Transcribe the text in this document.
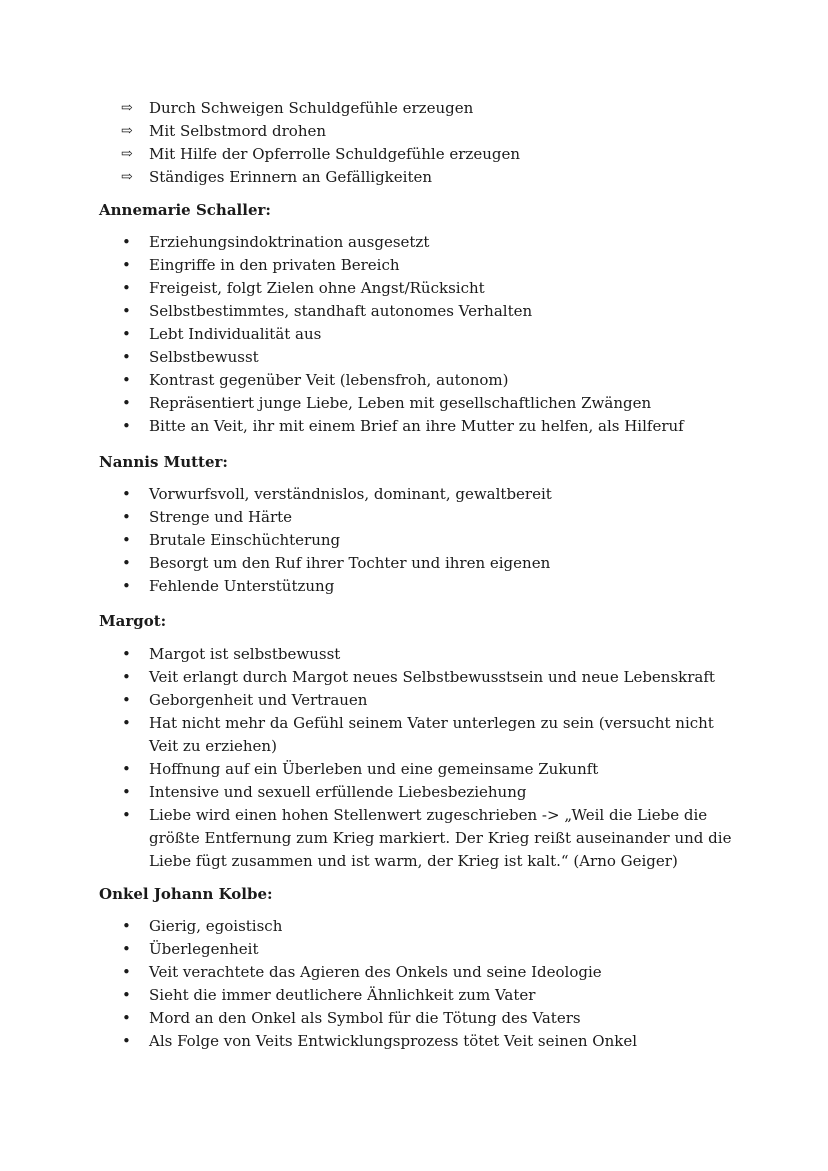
⇨ Durch Schweigen Schuldgefühle erzeugen
⇨ Mit Selbstmord drohen
⇨ Mit Hilfe der Opferrolle Schuldgefühle erzeugen
⇨ Ständiges Erinnern an Gefälligkeiten
Annemarie Schaller:
• Erziehungsindoktrination ausgesetzt
• Eingriffe in den privaten Bereich
• Freigeist, folgt Zielen ohne Angst/Rücksicht
• Selbstbestimmtes, standhaft autonomes Verhalten
• Lebt Individualität aus
• Selbstbewusst
• Kontrast gegenüber Veit (lebensfroh, autonom)
• Repräsentiert junge Liebe, Leben mit gesellschaftlichen Zwängen
• Bitte an Veit, ihr mit einem Brief an ihre Mutter zu helfen, als Hilferuf
Nannis Mutter:
• Vorwurfsvoll, verständnislos, dominant, gewaltbereit
• Strenge und Härte
• Brutale Einschüchterung
• Besorgt um den Ruf ihrer Tochter und ihren eigenen
• Fehlende Unterstützung
Margot:
• Margot ist selbstbewusst
• Veit erlangt durch Margot neues Selbstbewusstsein und neue Lebenskraft
• Geborgenheit und Vertrauen
• Hat nicht mehr da Gefühl seinem Vater unterlegen zu sein (versucht nicht Veit zu erziehen)
• Hoffnung auf ein Überleben und eine gemeinsame Zukunft
• Intensive und sexuell erfüllende Liebesbeziehung
• Liebe wird einen hohen Stellenwert zugeschrieben -> „Weil die Liebe die größte Entfernung zum Krieg markiert. Der Krieg reißt auseinander und die Liebe fügt zusammen und ist warm, der Krieg ist kalt.“ (Arno Geiger)
Onkel Johann Kolbe:
• Gierig, egoistisch
• Überlegenheit
• Veit verachtete das Agieren des Onkels und seine Ideologie
• Sieht die immer deutlichere Ähnlichkeit zum Vater
• Mord an den Onkel als Symbol für die Tötung des Vaters
• Als Folge von Veits Entwicklungsprozess tötet Veit seinen Onkel
